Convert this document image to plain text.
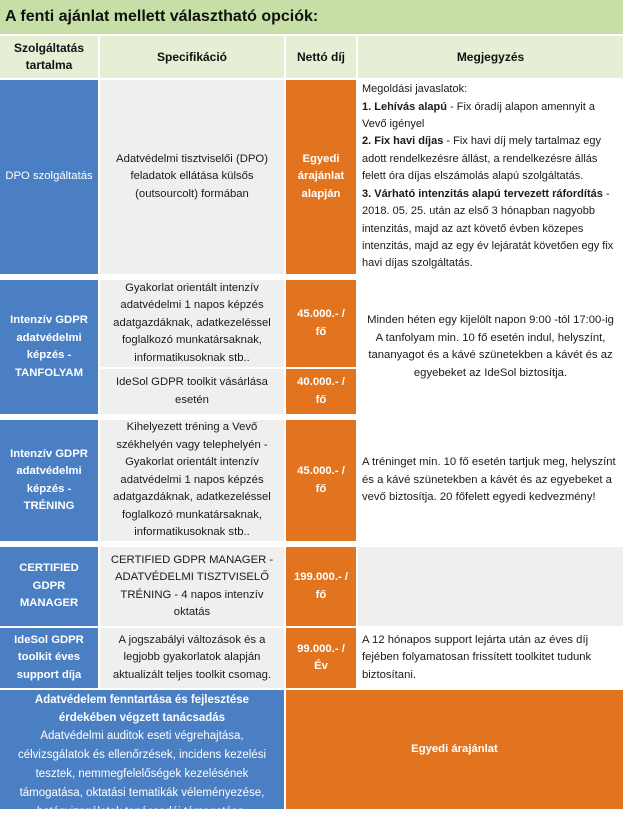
A fenti ajánlat mellett választható opciók:
Szolgáltatás tartalma
Specifikáció	Nettó díj	Megjegyzés
DPO szolgáltatás
Adatvédelmi tisztviselői (DPO) feladatok ellátása külsős (outsourcolt) formában
Egyedi árajánlat alapján
Megoldási javaslatok:
1. Lehívás alapú - Fix óradíj alapon amennyit a Vevő igényel
2. Fix havi díjas - Fix havi díj mely tartalmaz egy adott rendelkezésre állást, a rendelkezésre állás felett óra díjas elszámolás alapú szolgáltatás.
3. Várható intenzitás alapú tervezett ráfordítás - 2018. 05. 25. után az első 3 hónapban nagyobb intenzitás, majd az azt követő évben közepes intenzitás, majd az egy év lejáratát követően egy fix havi díjas szolgáltatás.
Intenzív GDPR adatvédelmi képzés - TANFOLYAM
Gyakorlat orientált intenzív adatvédelmi 1 napos képzés adatgazdáknak, adatkezeléssel foglalkozó munkatársaknak, informatikusoknak stb..
45.000.- / fő
IdeSol GDPR toolkit vásárlása esetén
40.000.- / fő
Minden héten egy kijelölt napon 9:00 -tól 17:00-ig
A tanfolyam min. 10 fő esetén indul, helyszínt, tananyagot és a kávé szünetekben a kávét és az egyebeket az IdeSol biztosítja.
Intenzív GDPR adatvédelmi képzés - TRÉNING
Kihelyezett tréning a Vevő székhelyén vagy telephelyén - Gyakorlat orientált intenzív adatvédelmi 1 napos képzés adatgazdáknak, adatkezeléssel foglalkozó munkatársaknak, informatikusoknak stb..
45.000.- / fő
A tréninget min. 10 fő esetén tartjuk meg, helyszínt és a kávé szünetekben a kávét és az egyebeket a vevő biztosítja. 20 főfelett egyedi kedvezmény!
CERTIFIED GDPR MANAGER
CERTIFIED GDPR MANAGER - ADATVÉDELMI TISZTVISELŐ TRÉNING - 4 napos intenzív oktatás
199.000.- / fő
IdeSol GDPR toolkit éves support díja
A jogszabályi változások és a legjobb gyakorlatok alapján aktualizált teljes toolkit csomag.
99.000.- / Év
A 12 hónapos support lejárta után az éves díj fejében folyamatosan frissített toolkitet tudunk biztosítani.
Adatvédelem fenntartása és fejlesztése érdekében végzett tanácsadás
Adatvédelmi auditok eseti végrehajtása, célvizsgálatok és ellenőrzések, incidens kezelési tesztek, nemmegfelelőségek kezelésének támogatása, oktatási tematikák véleményezése, hatásvizsgálatok tanácsadói támogatása,
Egyedi árajánlat
